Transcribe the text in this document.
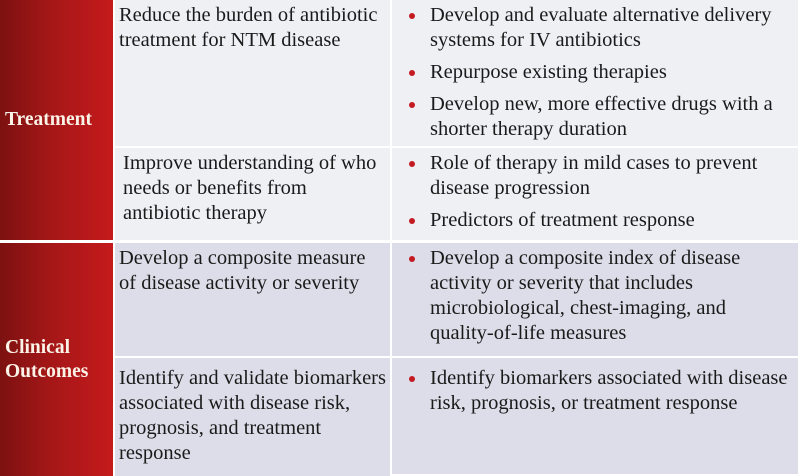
Treatment
Reduce the burden of antibiotic treatment for NTM disease
Develop and evaluate alternative delivery systems for IV antibiotics
Repurpose existing therapies
Develop new, more effective drugs with a shorter therapy duration
Improve understanding of who needs or benefits from antibiotic therapy
Role of therapy in mild cases to prevent disease progression
Predictors of treatment response
Clinical Outcomes
Develop a composite measure of disease activity or severity
Develop a composite index of disease activity or severity that includes microbiological, chest-imaging, and quality-of-life measures
Identify and validate biomarkers associated with disease risk, prognosis, and treatment response
Identify biomarkers associated with disease risk, prognosis, or treatment response
